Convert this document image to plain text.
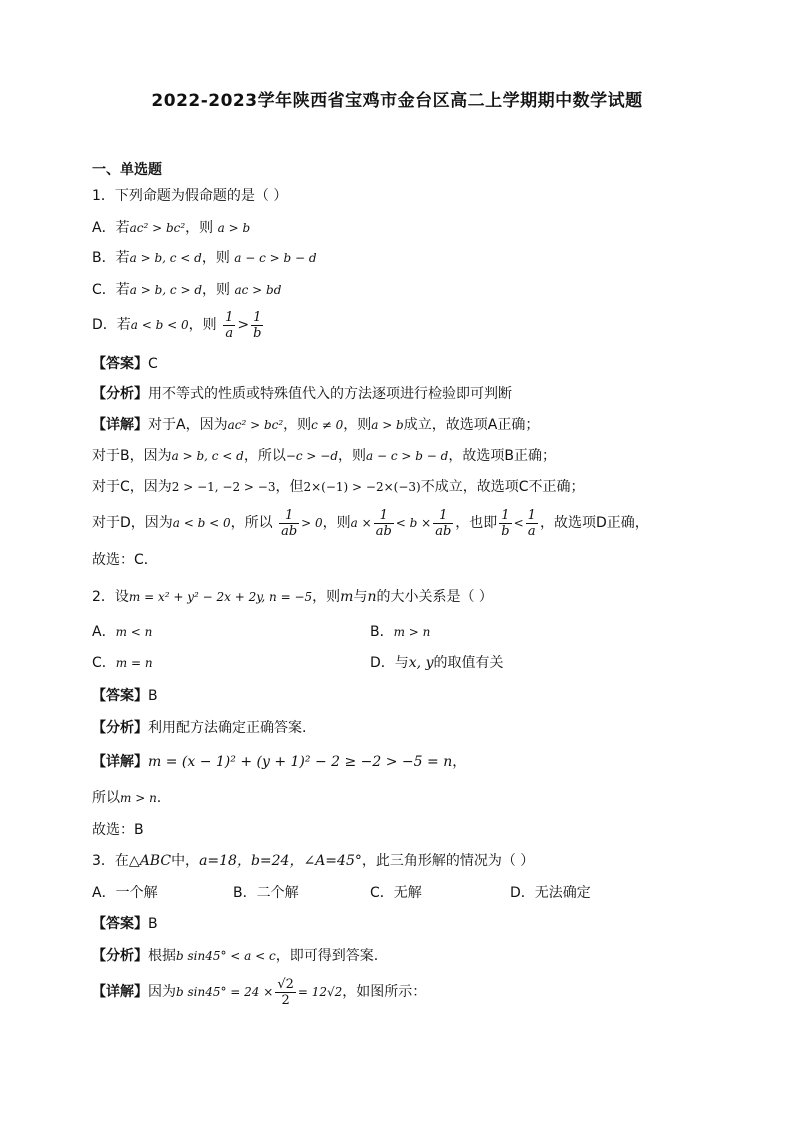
2022-2023学年陕西省宝鸡市金台区高二上学期期中数学试题
一、单选题
1．下列命题为假命题的是（ ）
A．若ac² > bc²，则 a > b
B．若a > b, c < d，则 a − c > b − d
C．若a > b, c > d，则 ac > bd
D．若a < b < 0，则 $\frac{1}{a} > \frac{1}{b}$
【答案】C
【分析】用不等式的性质或特殊值代入的方法逐项进行检验即可判断
【详解】对于A，因为ac² > bc²，则c ≠ 0，则a > b成立，故选项A正确；
对于B，因为a > b, c < d，所以−c > −d，则a − c > b − d，故选项B正确；
对于C，因为2 > −1, −2 > −3，但2×(−1) > −2×(−3)不成立，故选项C不正确；
对于D，因为a < b < 0，所以 $\frac{1}{ab} > 0$，则$a \times \frac{1}{ab} < b \times \frac{1}{ab}$ ，也即 $\frac{1}{b} < \frac{1}{a}$ ，故选项D正确，
故选：C．
2．设m = x² + y² − 2x + 2y, n = −5，则m与n的大小关系是（ ）
A．m < n	B．m > n
C．m = n	D．与x, y的取值有关
【答案】B
【分析】利用配方法确定正确答案.
【详解】m = (x − 1)² + (y + 1)² − 2 ≥ −2 > −5 = n，
所以m > n.
故选：B
3．在△ABC中，a=18，b=24，∠A=45°，此三角形解的情况为（ ）
A．一个解	B．二个解	C．无解	D．无法确定
【答案】B
【分析】根据b sin45° < a < c，即可得到答案.
【详解】因为b $\sin 45^\circ = 24 \times \frac{√2}{2} = 12√2$，如图所示：
